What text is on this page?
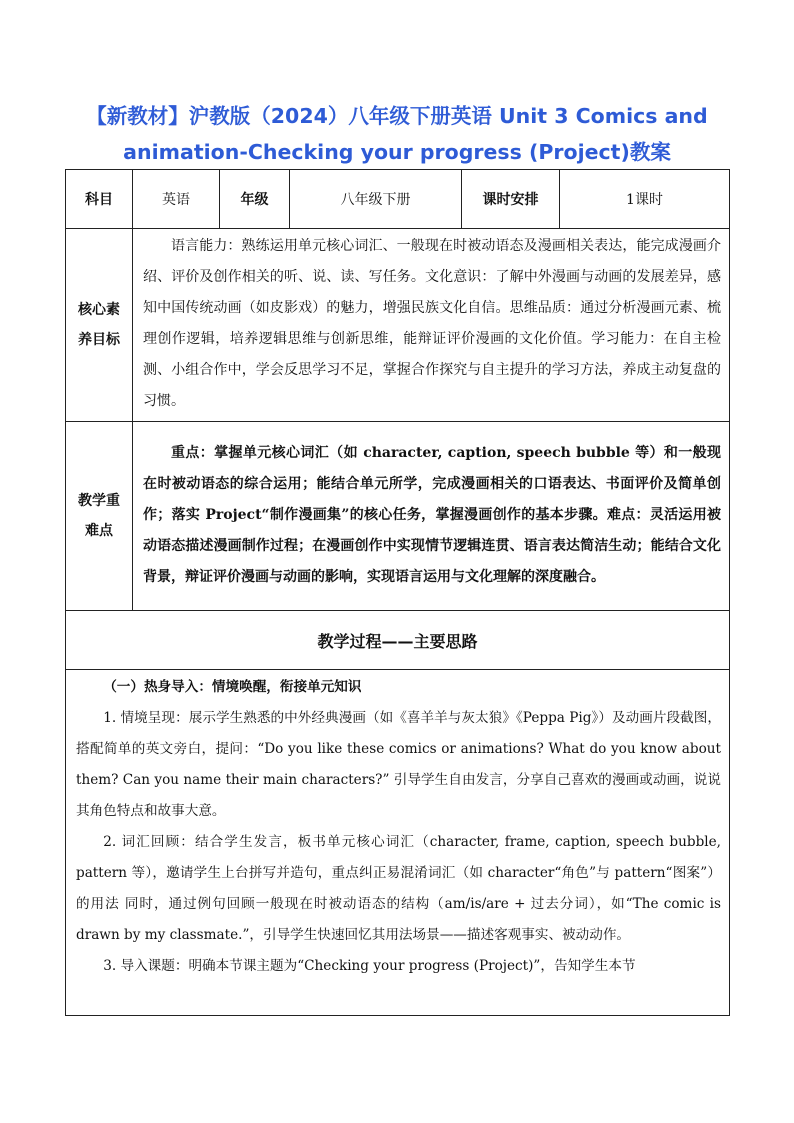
【新教材】沪教版（2024）八年级下册英语 Unit 3 Comics and animation-Checking your progress (Project)教案
科目	英语	年级	八年级下册	课时安排	1课时

核心素养目标	语言能力：熟练运用单元核心词汇、一般现在时被动语态及漫画相关表达，能完成漫画介绍、评价及创作相关的听、说、读、写任务。文化意识：了解中外漫画与动画的发展差异，感知中国传统动画（如皮影戏）的魅力，增强民族文化自信。思维品质：通过分析漫画元素、梳理创作逻辑，培养逻辑思维与创新思维，能辩证评价漫画的文化价值。学习能力：在自主检测、小组合作中，学会反思学习不足，掌握合作探究与自主提升的学习方法，养成主动复盘的习惯。				

教学重难点	重点：掌握单元核心词汇（如 character, caption, speech bubble 等）和一般现在时被动语态的综合运用；能结合单元所学，完成漫画相关的口语表达、书面评价及简单创作；落实 Project“制作漫画集”的核心任务，掌握漫画创作的基本步骤。难点：灵活运用被动语态描述漫画制作过程；在漫画创作中实现情节逻辑连贯、语言表达简洁生动；能结合文化背景，辩证评价漫画与动画的影响，实现语言运用与文化理解的深度融合。				
教学过程——主要思路					

（一）热身导入：情境唤醒，衔接单元知识

1. 情境呈现：展示学生熟悉的中外经典漫画（如《喜羊羊与灰太狼》《Peppa Pig》）及动画片段截图，搭配简单的英文旁白，提问：“Do you like these comics or animations? What do you know about them? Can you name their main characters?” 引导学生自由发言，分享自己喜欢的漫画或动画，说说其角色特点和故事大意。

2. 词汇回顾：结合学生发言，板书单元核心词汇（character, frame, caption, speech bubble, pattern 等），邀请学生上台拼写并造句，重点纠正易混淆词汇（如 character“角色”与 pattern“图案”）的用法 同时，通过例句回顾一般现在时被动语态的结构（am/is/are + 过去分词），如“The comic is drawn by my classmate.”，引导学生快速回忆其用法场景——描述客观事实、被动动作。

3. 导入课题：明确本节课主题为“Checking your progress (Project)”，告知学生本节					
